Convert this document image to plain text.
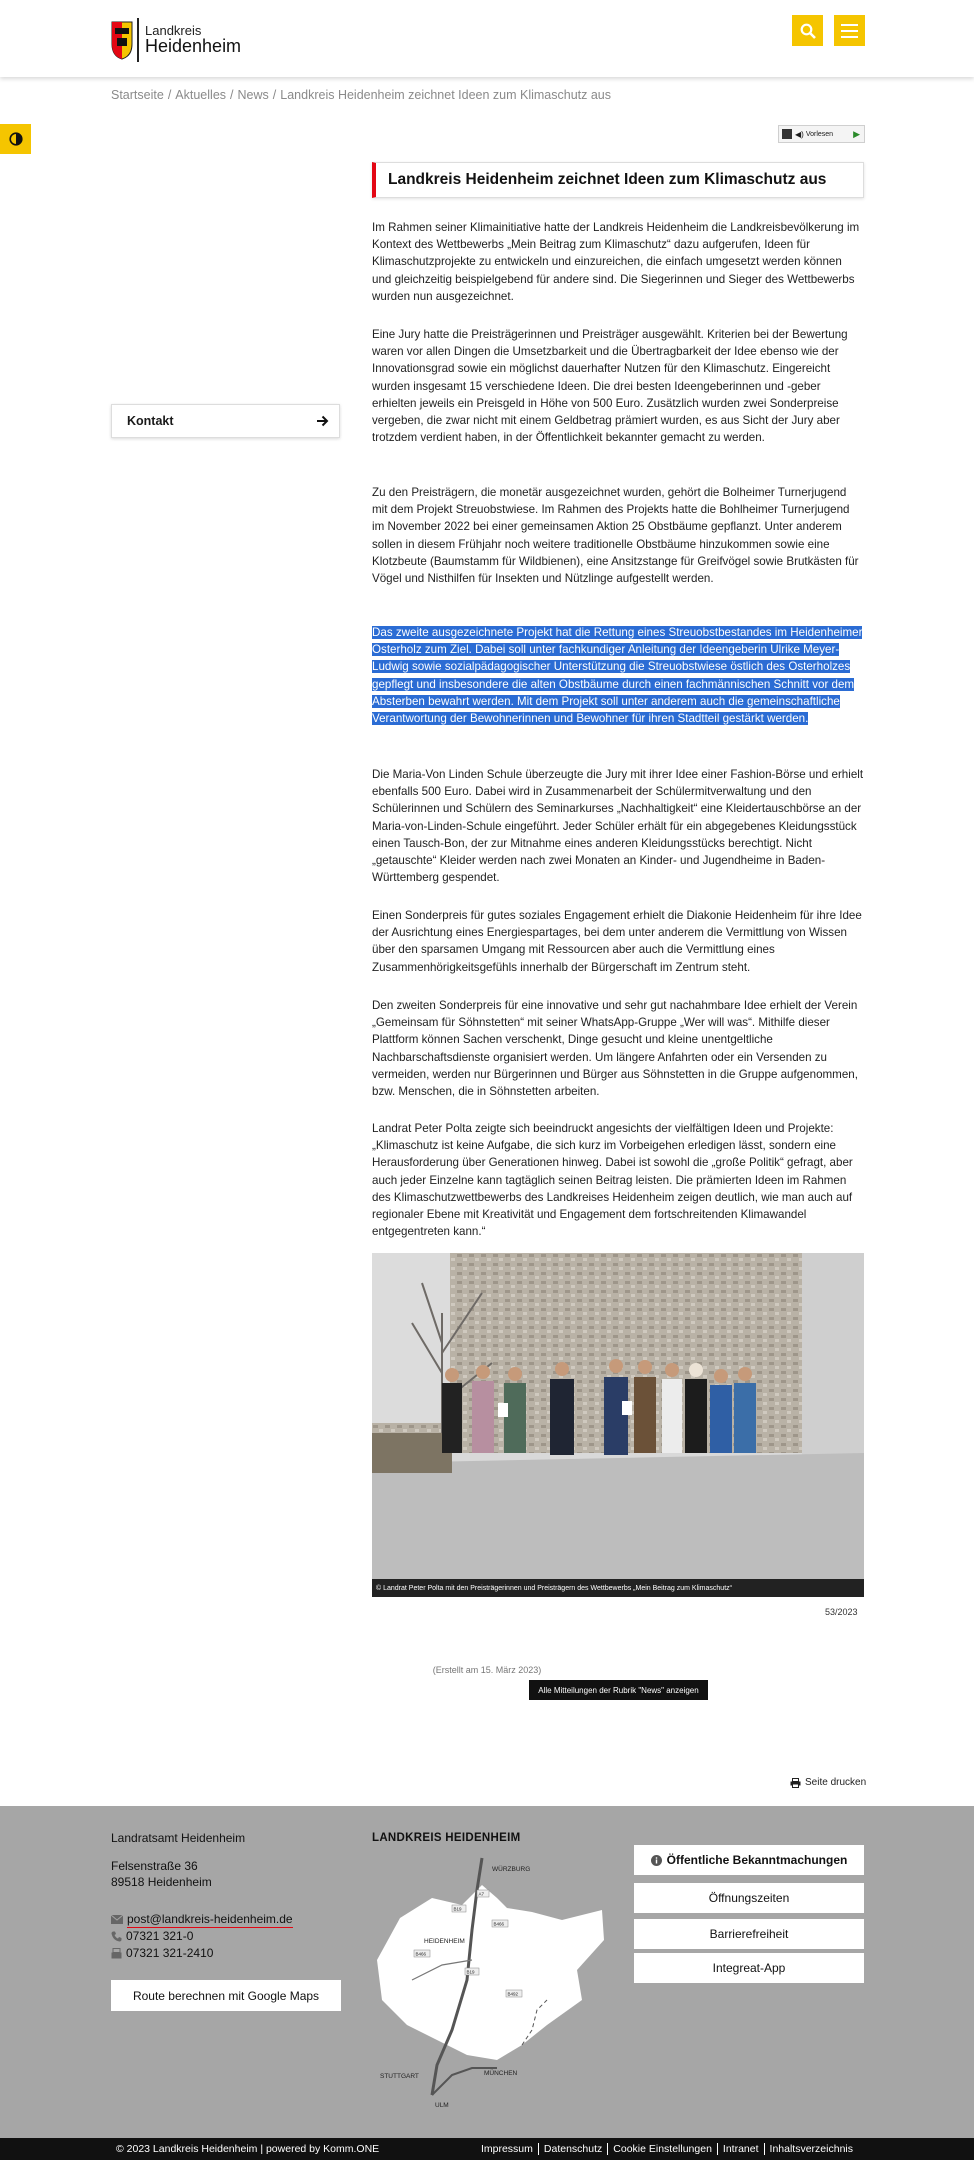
Landkreis
Heidenheim
Startseite / Aktuelles / News / Landkreis Heidenheim zeichnet Ideen zum Klimaschutz aus
◀) Vorlesen ▶
Kontakt
Landkreis Heidenheim zeichnet Ideen zum Klimaschutz aus

Im Rahmen seiner Klimainitiative hatte der Landkreis Heidenheim die Landkreisbevölkerung im Kontext des Wettbewerbs „Mein Beitrag zum Klimaschutz“ dazu aufgerufen, Ideen für Klimaschutzprojekte zu entwickeln und einzureichen, die einfach umgesetzt werden können und gleichzeitig beispielgebend für andere sind. Die Siegerinnen und Sieger des Wettbewerbs wurden nun ausgezeichnet.

Eine Jury hatte die Preisträgerinnen und Preisträger ausgewählt. Kriterien bei der Bewertung waren vor allen Dingen die Umsetzbarkeit und die Übertragbarkeit der Idee ebenso wie der Innovationsgrad sowie ein möglichst dauerhafter Nutzen für den Klimaschutz. Eingereicht wurden insgesamt 15 verschiedene Ideen. Die drei besten Ideengeberinnen und -geber erhielten jeweils ein Preisgeld in Höhe von 500 Euro. Zusätzlich wurden zwei Sonderpreise vergeben, die zwar nicht mit einem Geldbetrag prämiert wurden, es aus Sicht der Jury aber trotzdem verdient haben, in der Öffentlichkeit bekannter gemacht zu werden.

Zu den Preisträgern, die monetär ausgezeichnet wurden, gehört die Bolheimer Turnerjugend mit dem Projekt Streuobstwiese. Im Rahmen des Projekts hatte die Bohlheimer Turnerjugend im November 2022 bei einer gemeinsamen Aktion 25 Obstbäume gepflanzt. Unter anderem sollen in diesem Frühjahr noch weitere traditionelle Obstbäume hinzukommen sowie eine Klotzbeute (Baumstamm für Wildbienen), eine Ansitzstange für Greifvögel sowie Brutkästen für Vögel und Nisthilfen für Insekten und Nützlinge aufgestellt werden.

Das zweite ausgezeichnete Projekt hat die Rettung eines Streuobstbestandes im Heidenheimer Osterholz zum Ziel. Dabei soll unter fachkundiger Anleitung der Ideengeberin Ulrike Meyer-Ludwig sowie sozialpädagogischer Unterstützung die Streuobstwiese östlich des Osterholzes gepflegt und insbesondere die alten Obstbäume durch einen fachmännischen Schnitt vor dem Absterben bewahrt werden. Mit dem Projekt soll unter anderem auch die gemeinschaftliche Verantwortung der Bewohnerinnen und Bewohner für ihren Stadtteil gestärkt werden.

Die Maria-Von Linden Schule überzeugte die Jury mit ihrer Idee einer Fashion-Börse und erhielt ebenfalls 500 Euro. Dabei wird in Zusammenarbeit der Schülermitverwaltung und den Schülerinnen und Schülern des Seminarkurses „Nachhaltigkeit“ eine Kleidertauschbörse an der Maria-von-Linden-Schule eingeführt. Jeder Schüler erhält für ein abgegebenes Kleidungsstück einen Tausch-Bon, der zur Mitnahme eines anderen Kleidungsstücks berechtigt. Nicht „getauschte“ Kleider werden nach zwei Monaten an Kinder- und Jugendheime in Baden-Württemberg gespendet.

Einen Sonderpreis für gutes soziales Engagement erhielt die Diakonie Heidenheim für ihre Idee der Ausrichtung eines Energiespartages, bei dem unter anderem die Vermittlung von Wissen über den sparsamen Umgang mit Ressourcen aber auch die Vermittlung eines Zusammenhörigkeitsgefühls innerhalb der Bürgerschaft im Zentrum steht.

Den zweiten Sonderpreis für eine innovative und sehr gut nachahmbare Idee erhielt der Verein „Gemeinsam für Söhnstetten“ mit seiner WhatsApp-Gruppe „Wer will was“. Mithilfe dieser Plattform können Sachen verschenkt, Dinge gesucht und kleine unentgeltliche Nachbarschaftsdienste organisiert werden. Um längere Anfahrten oder ein Versenden zu vermeiden, werden nur Bürgerinnen und Bürger aus Söhnstetten in die Gruppe aufgenommen, bzw. Menschen, die in Söhnstetten arbeiten.

Landrat Peter Polta zeigte sich beeindruckt angesichts der vielfältigen Ideen und Projekte: „Klimaschutz ist keine Aufgabe, die sich kurz im Vorbeigehen erledigen lässt, sondern eine Herausforderung über Generationen hinweg. Dabei ist sowohl die „große Politik“ gefragt, aber auch jeder Einzelne kann tagtäglich seinen Beitrag leisten. Die prämierten Ideen im Rahmen des Klimaschutzwettbewerbs des Landkreises Heidenheim zeigen deutlich, wie man auch auf regionaler Ebene mit Kreativität und Engagement dem fortschreitenden Klimawandel entgegentreten kann.“

© Landrat Peter Polta mit den Preisträgerinnen und Preisträgern des Wettbewerbs „Mein Beitrag zum Klimaschutz“
53/2023
(Erstellt am 15. März 2023)
Alle Mitteilungen der Rubrik "News" anzeigen
Seite drucken
Landratsamt Heidenheim
Felsenstraße 36
89518 Heidenheim
post@landkreis-heidenheim.de
07321 321-0
07321 321-2410
Route berechnen mit Google Maps
LANDKREIS HEIDENHEIM
WÜRZBURG
HEIDENHEIM
STUTTGART	MÜNCHEN
ULM
A7
B19
B466
B466
B19
B492
Öffentliche Bekanntmachungen
Öffnungszeiten
Barrierefreiheit
Integreat-App
© 2023 Landkreis Heidenheim | powered by Komm.ONE	Impressum	Datenschutz	Cookie Einstellungen	Intranet	Inhaltsverzeichnis
